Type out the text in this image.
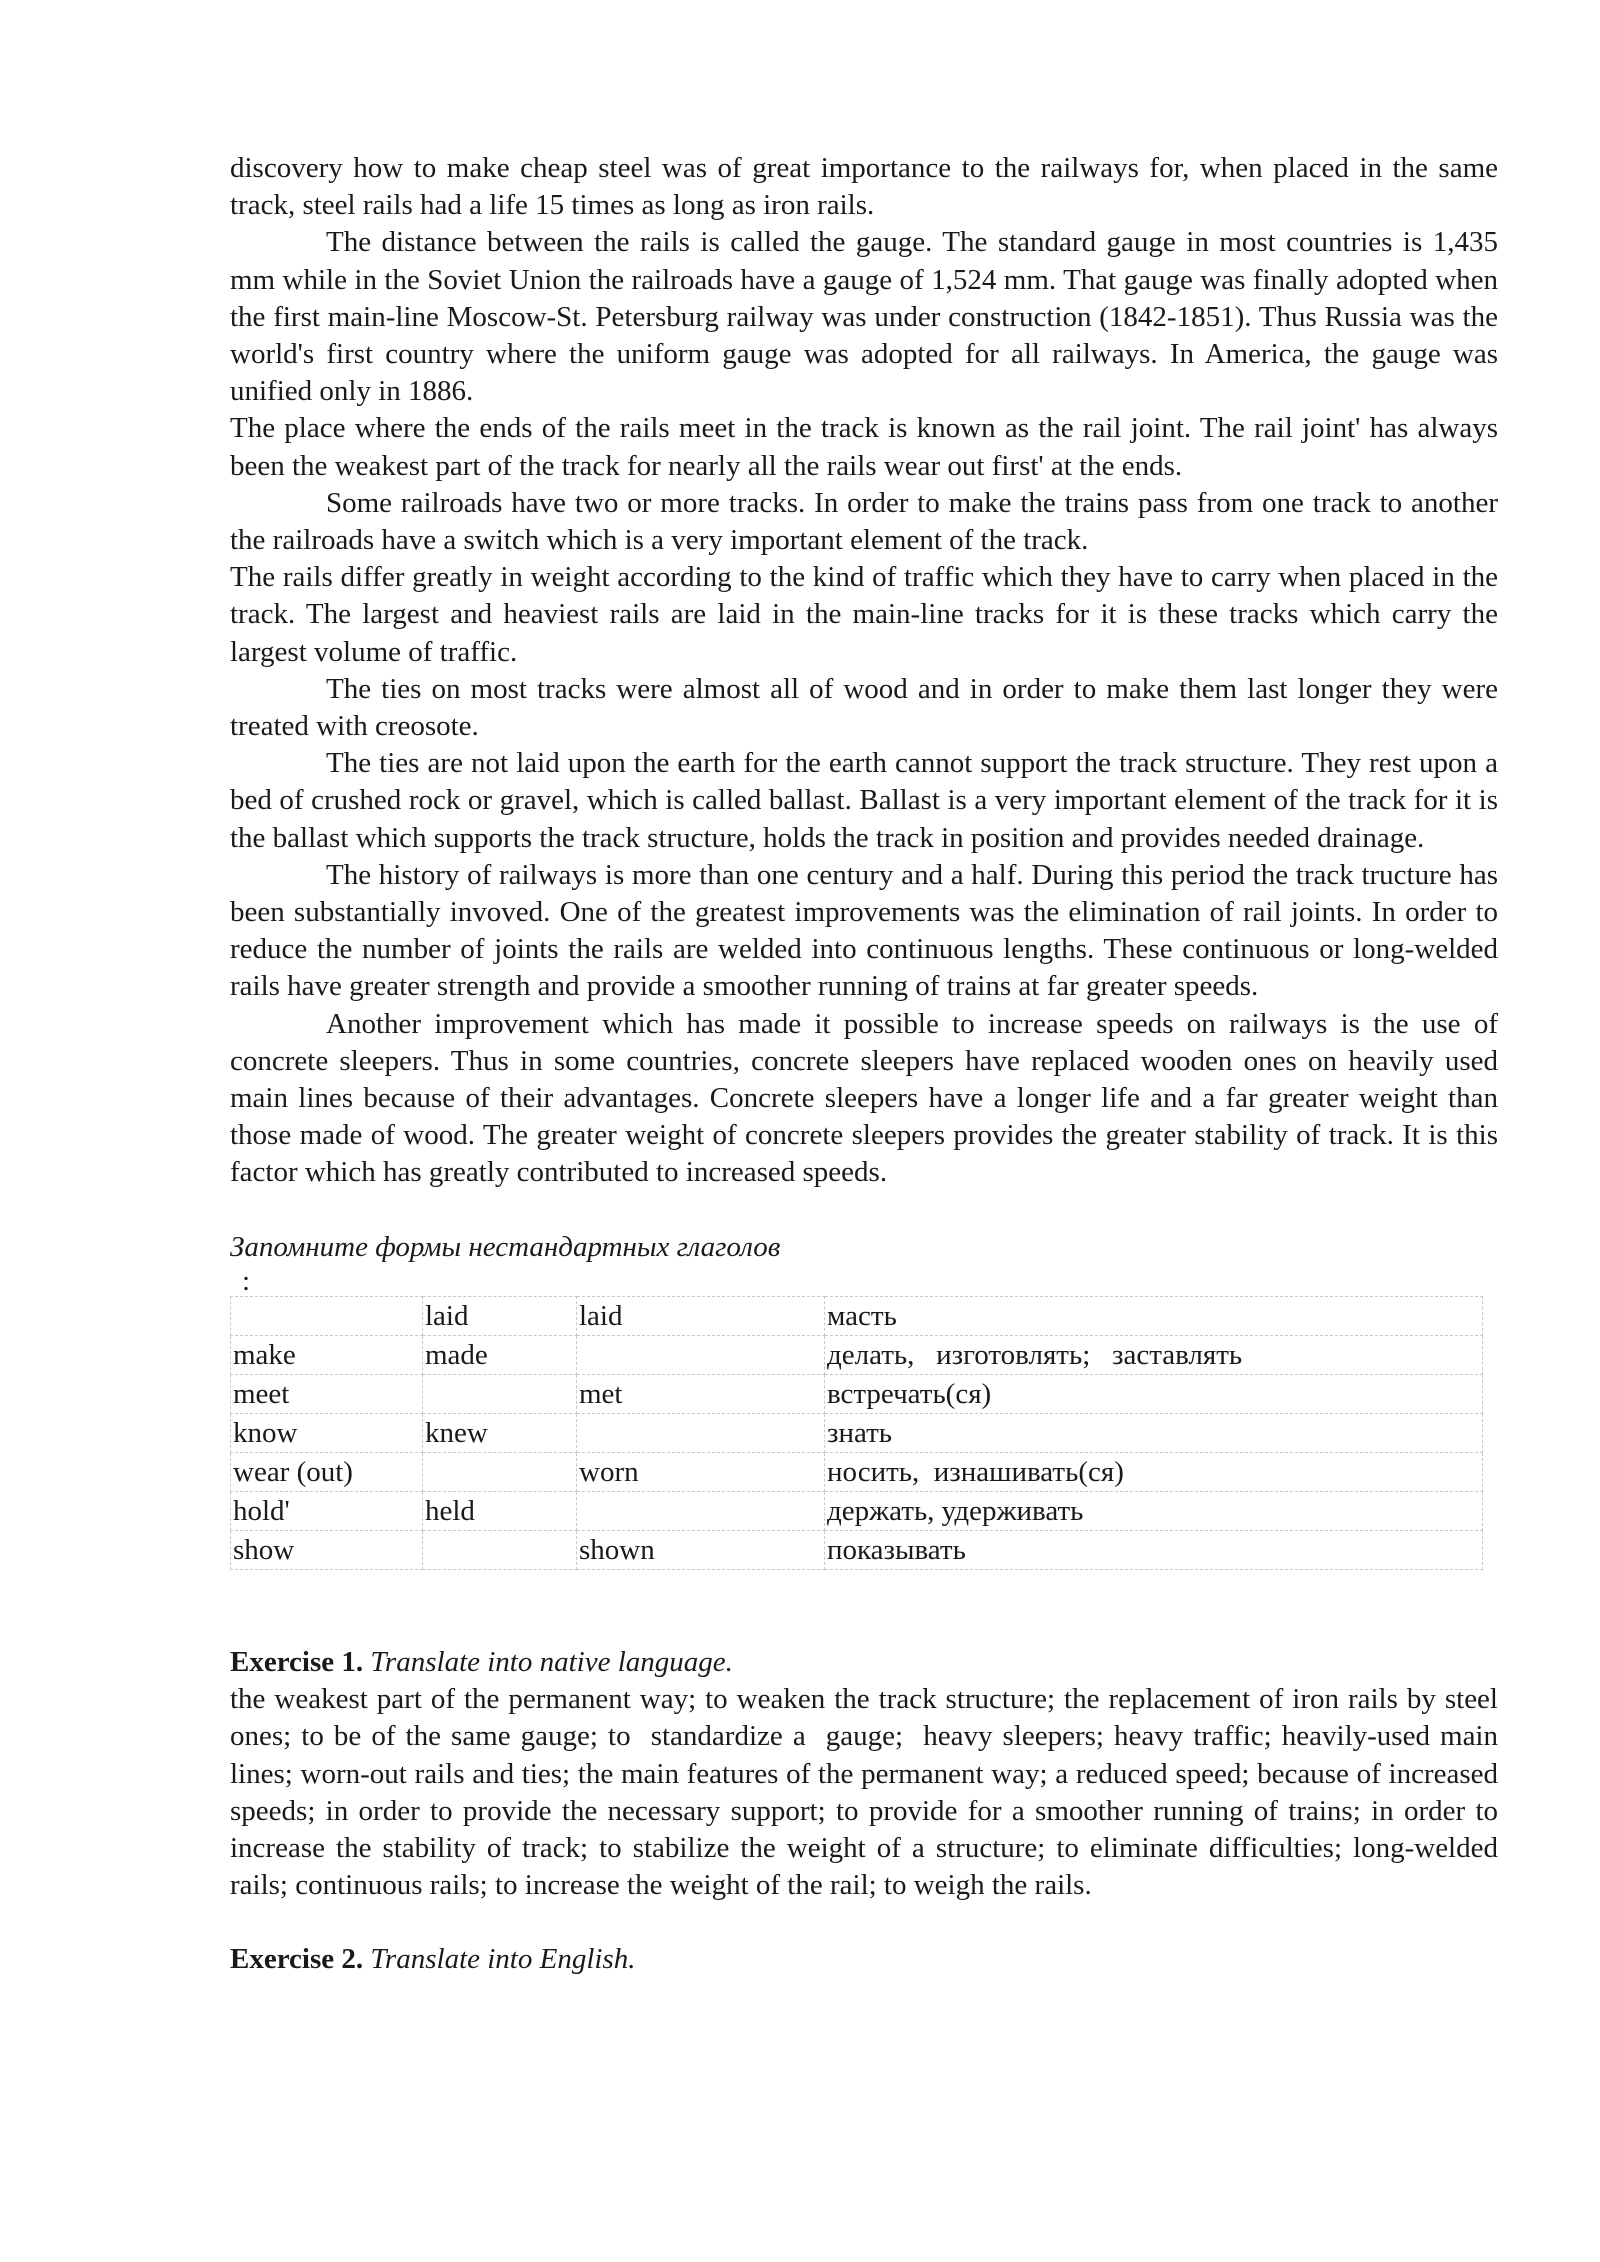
discovery how to make cheap steel was of great importance to the railways for, when placed in the same track, steel rails had a life 15 times as long as iron rails.

The distance between the rails is called the gauge. The standard gauge in most countries is 1,435 mm while in the Soviet Union the railroads have a gauge of 1,524 mm. That gauge was finally adopted when the first main-line Moscow-St. Petersburg railway was under construction (1842-1851). Thus Russia was the world's first country where the uniform gauge was adopted for all railways. In America, the gauge was unified only in 1886.

The place where the ends of the rails meet in the track is known as the rail joint. The rail joint' has always been the weakest part of the track for nearly all the rails wear out first' at the ends.

Some railroads have two or more tracks. In order to make the trains pass from one track to another the railroads have a switch which is a very important element of the track.

The rails differ greatly in weight according to the kind of traffic which they have to carry when placed in the track. The largest and heaviest rails are laid in the main-line tracks for it is these tracks which carry the largest volume of traffic.

The ties on most tracks were almost all of wood and in order to make them last longer they were treated with creosote.

The ties are not laid upon the earth for the earth cannot support the track structure. They rest upon a bed of crushed rock or gravel, which is called ballast. Ballast is a very important element of the track for it is the ballast which supports the track structure, holds the track in position and provides needed drainage.

The history of railways is more than one century and a half. During this period the track tructure has been substantially invoved. One of the greatest improvements was the elimination of rail joints. In order to reduce the number of joints the rails are welded into continuous lengths. These continuous or long-welded rails have greater strength and provide a smoother running of trains at far greater speeds.

Another improvement which has made it possible to increase speeds on railways is the use of concrete sleepers. Thus in some countries, concrete sleepers have replaced wooden ones on heavily used main lines because of their advantages. Concrete sleepers have a longer life and a far greater weight than those made of wood. The greater weight of concrete sleepers provides the greater stability of track. It is this factor which has greatly contributed to increased speeds.

Запомните формы нестандартных глаголов
:
	laid	laid	масть
make	made		делать,   изготовлять;   заставлять
meet		met	встречать(ся)
know	knew		знать
wear (out)		worn	носить,  изнашивать(ся)
hold'	held		держать, удерживать
show		shown	показывать

Exercise 1. Translate into native language.

the weakest part of the permanent way; to weaken the track structure; the replacement of iron rails by steel ones; to be of the same gauge; to  standardize a  gauge;  heavy sleepers; heavy traffic; heavily-used main lines; worn-out rails and ties; the main features of the permanent way; a reduced speed; because of increased speeds; in order to provide the necessary support; to provide for a smoother running of trains; in order to increase the stability of track; to stabilize the weight of a structure; to eliminate difficulties; long-welded rails; continuous rails; to increase the weight of the rail; to weigh the rails.

Exercise 2. Translate into English.
